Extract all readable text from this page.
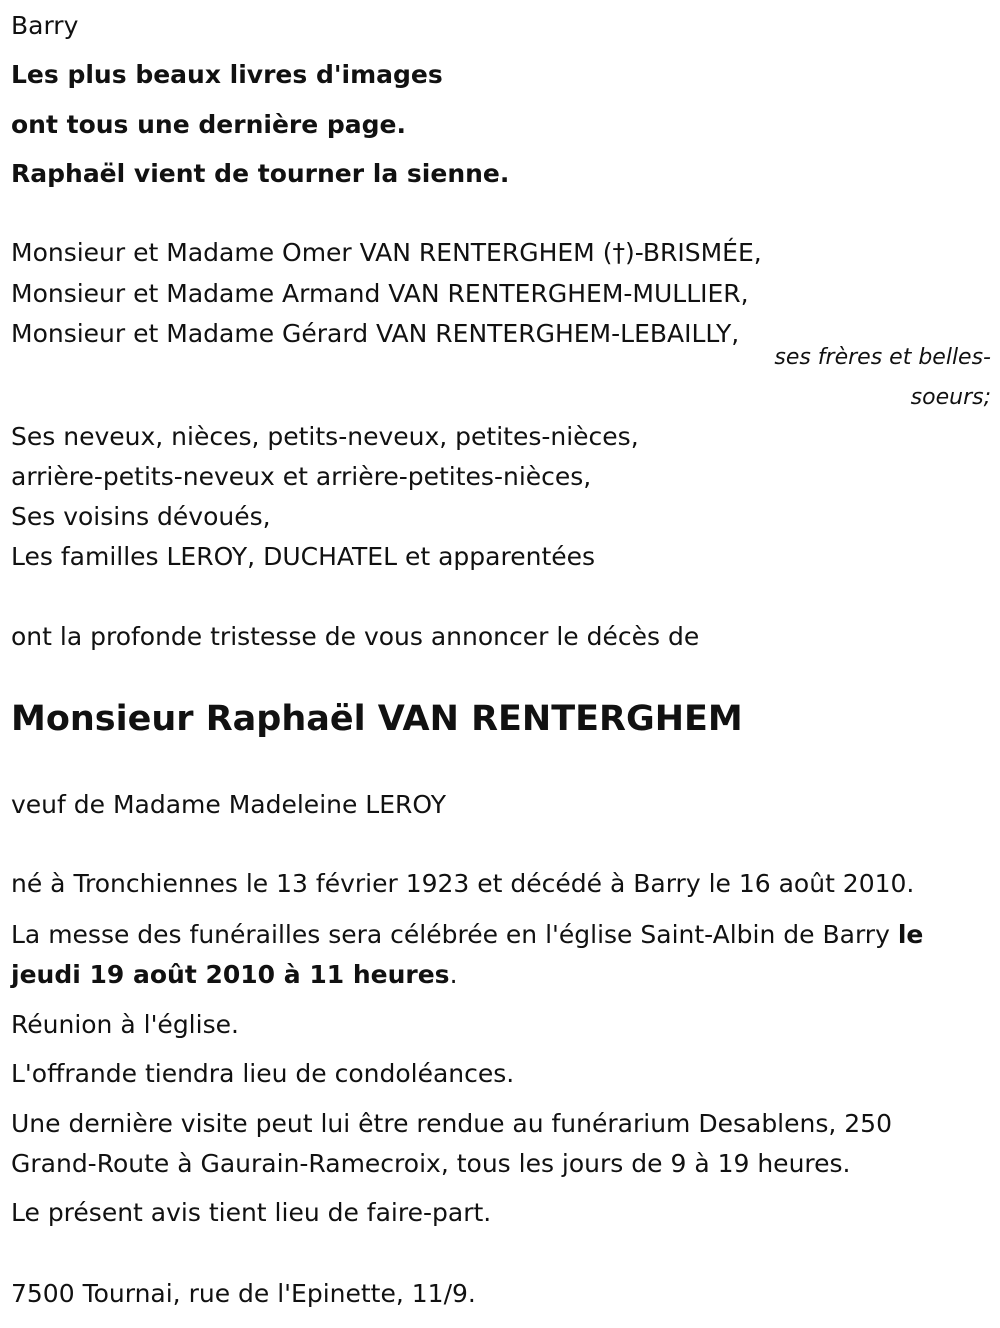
Barry
Les plus beaux livres d'images
ont tous une dernière page.
Raphaël vient de tourner la sienne.
Monsieur et Madame Omer VAN RENTERGHEM (†)-BRISMÉE,
Monsieur et Madame Armand VAN RENTERGHEM-MULLIER,
Monsieur et Madame Gérard VAN RENTERGHEM-LEBAILLY,
ses frères et belles-
soeurs;
Ses neveux, nièces, petits-neveux, petites-nièces,
arrière-petits-neveux et arrière-petites-nièces,
Ses voisins dévoués,
Les familles LEROY, DUCHATEL et apparentées
ont la profonde tristesse de vous annoncer le décès de
Monsieur Raphaël VAN RENTERGHEM
veuf de Madame Madeleine LEROY
né à Tronchiennes le 13 février 1923 et décédé à Barry le 16 août 2010.
La messe des funérailles sera célébrée en l'église Saint-Albin de Barry le
jeudi 19 août 2010 à 11 heures.
Réunion à l'église.
L'offrande tiendra lieu de condoléances.
Une dernière visite peut lui être rendue au funérarium Desablens, 250
Grand-Route à Gaurain-Ramecroix, tous les jours de 9 à 19 heures.
Le présent avis tient lieu de faire-part.
7500 Tournai, rue de l'Epinette, 11/9.
